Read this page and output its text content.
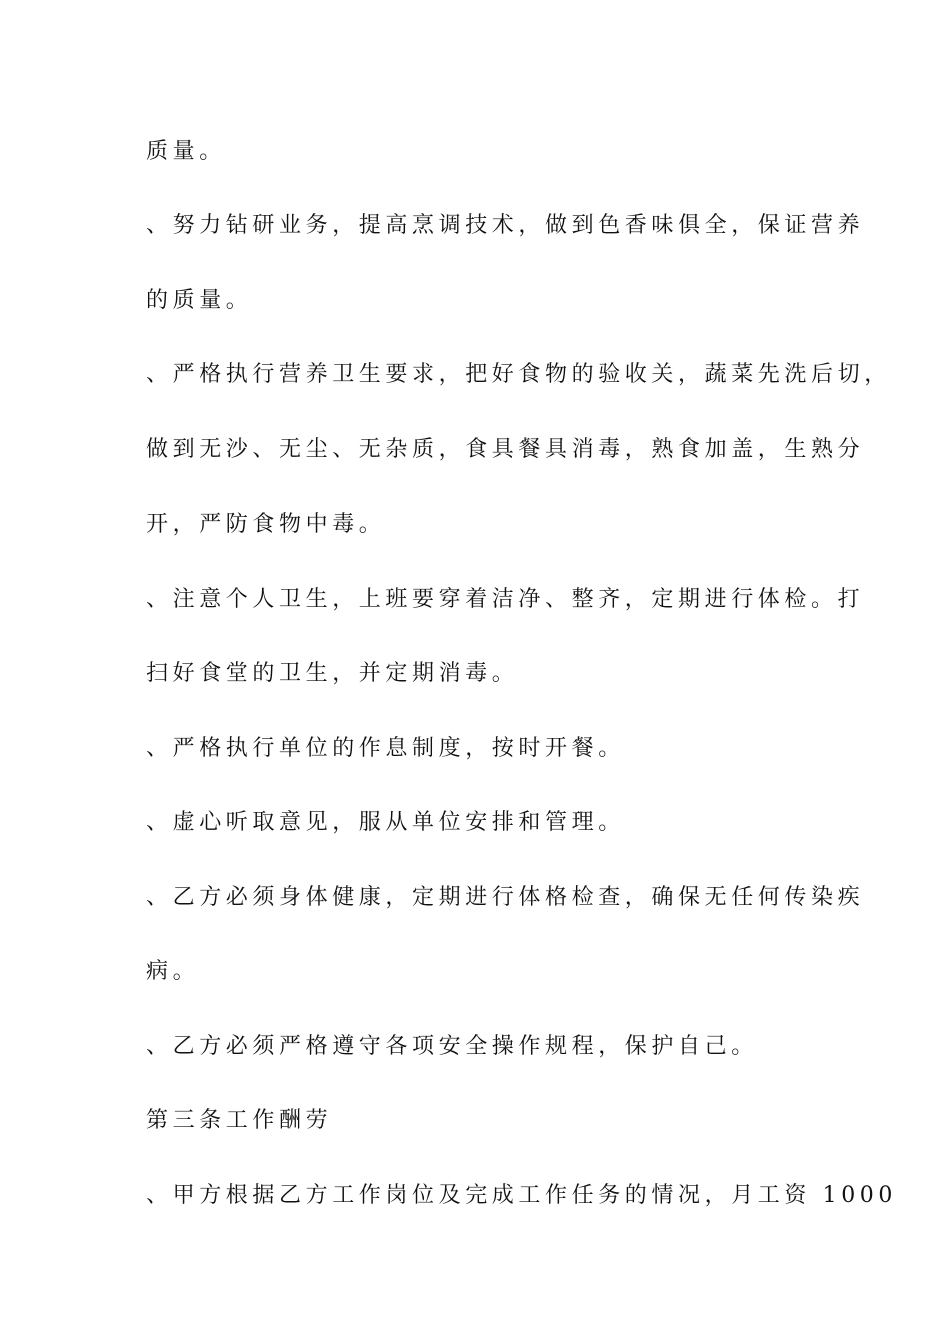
质量。
、努力钻研业务，提高烹调技术，做到色香味俱全，保证营养
的质量。
、严格执行营养卫生要求，把好食物的验收关，蔬菜先洗后切，
做到无沙、无尘、无杂质，食具餐具消毒，熟食加盖，生熟分
开，严防食物中毒。
、注意个人卫生，上班要穿着洁净、整齐，定期进行体检。打
扫好食堂的卫生，并定期消毒。
、严格执行单位的作息制度，按时开餐。
、虚心听取意见，服从单位安排和管理。
、乙方必须身体健康，定期进行体格检查，确保无任何传染疾
病。
、乙方必须严格遵守各项安全操作规程，保护自己。
第三条工作酬劳
、甲方根据乙方工作岗位及完成工作任务的情况，月工资 1000
